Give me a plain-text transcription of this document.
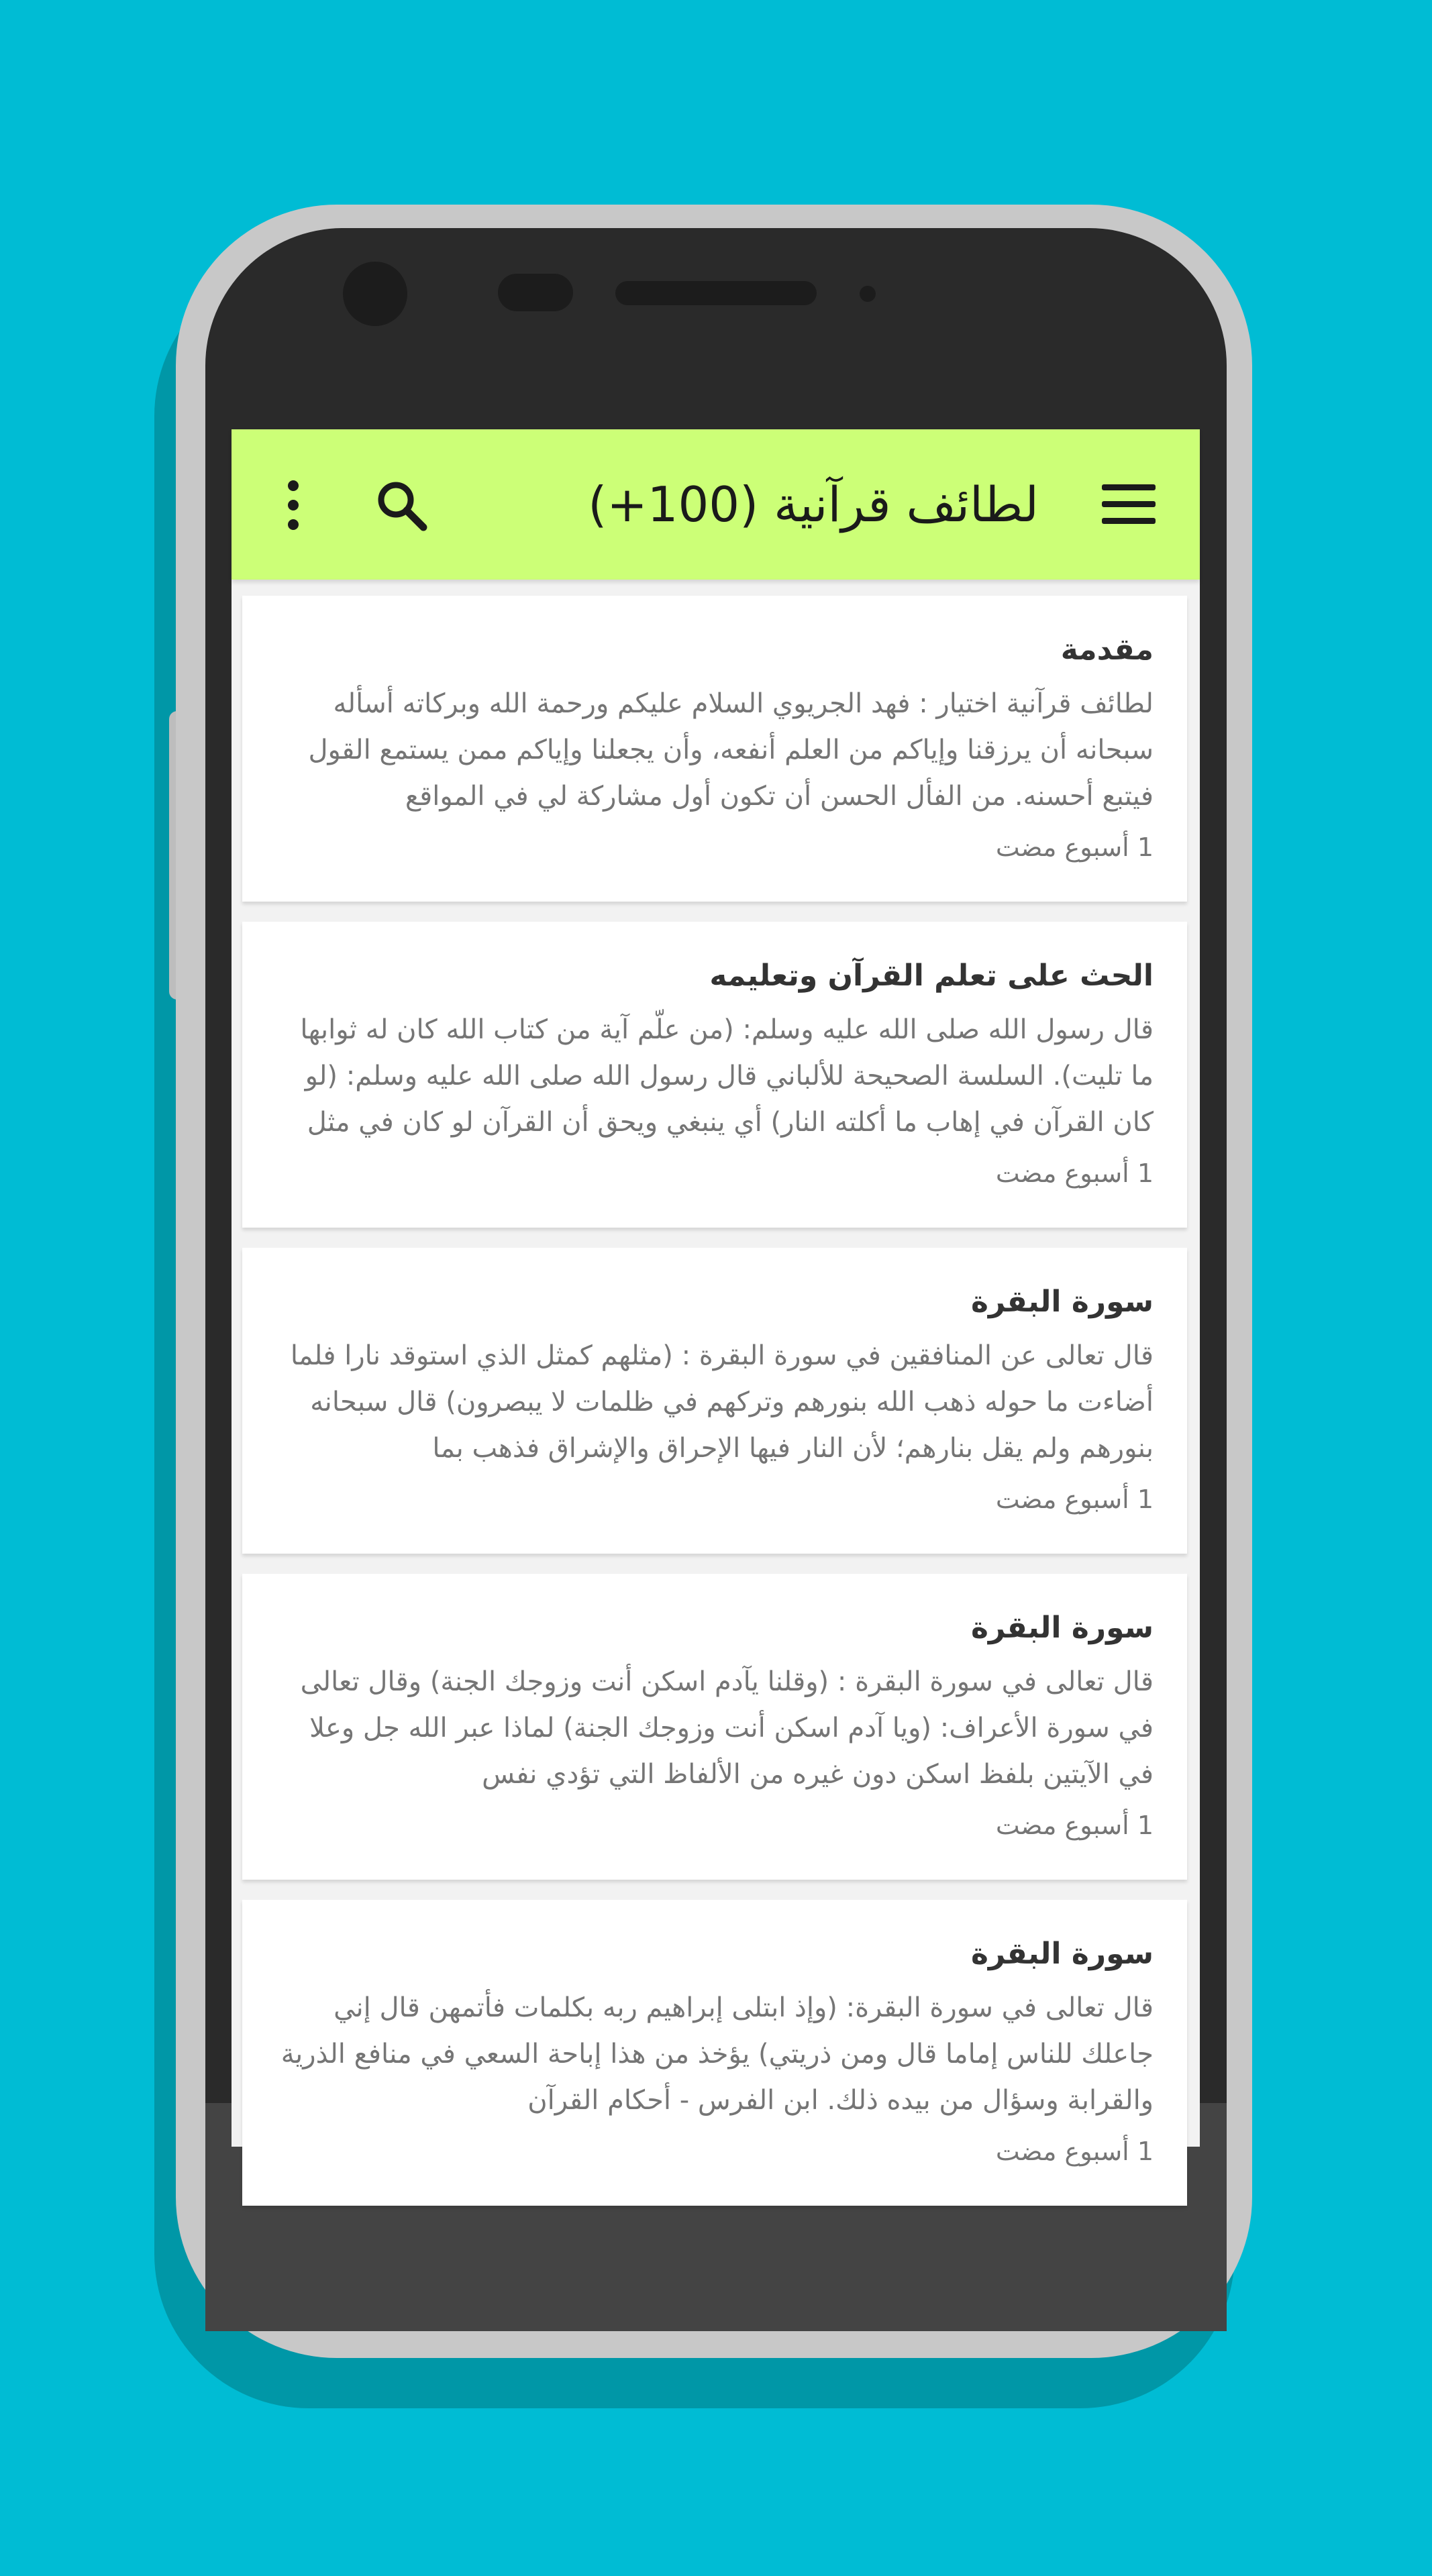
لطائف قرآنية (100+)
مقدمة
لطائف قرآنية اختيار : فهد الجريوي السلام عليكم ورحمة الله وبركاته أسأله سبحانه أن يرزقنا وإياكم من العلم أنفعه، وأن يجعلنا وإياكم ممن يستمع القول فيتبع أحسنه. من الفأل الحسن أن تكون أول مشاركة لي في المواقع
1 أسبوع مضت
الحث على تعلم القرآن وتعليمه
قال رسول الله صلى الله عليه وسلم: (من علّم آية من كتاب الله كان له ثوابها ما تليت). السلسة الصحيحة للألباني قال رسول الله صلى الله عليه وسلم: (لو كان القرآن في إهاب ما أكلته النار) أي ينبغي ويحق أن القرآن لو كان في مثل
1 أسبوع مضت
سورة البقرة
قال تعالى عن المنافقين في سورة البقرة : (مثلهم كمثل الذي استوقد نارا فلما أضاءت ما حوله ذهب الله بنورهم وتركهم في ظلمات لا يبصرون) قال سبحانه بنورهم ولم يقل بنارهم؛ لأن النار فيها الإحراق والإشراق فذهب بما
1 أسبوع مضت
سورة البقرة
قال تعالى في سورة البقرة : (وقلنا يآدم اسكن أنت وزوجك الجنة) وقال تعالى في سورة الأعراف: (ويا آدم اسكن أنت وزوجك الجنة) لماذا عبر الله جل وعلا في الآيتين بلفظ اسكن دون غيره من الألفاظ التي تؤدي نفس
1 أسبوع مضت
سورة البقرة
قال تعالى في سورة البقرة: (وإذ ابتلى إبراهيم ربه بكلمات فأتمهن قال إني جاعلك للناس إماما قال ومن ذريتي) يؤخذ من هذا إباحة السعي في منافع الذرية والقرابة وسؤال من بيده ذلك. ابن الفرس - أحكام القرآن
1 أسبوع مضت
